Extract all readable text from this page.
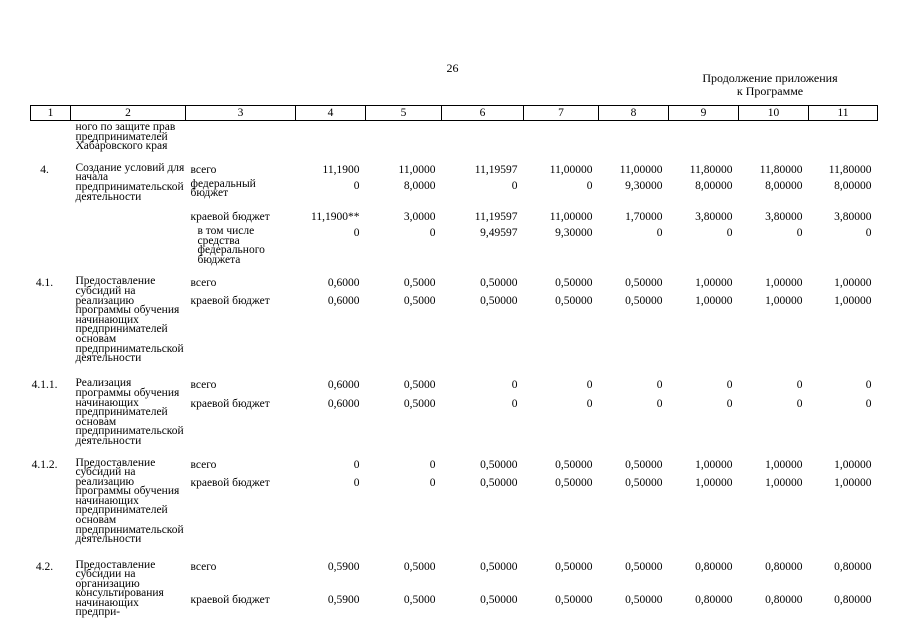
26
Продолжение приложения
к Программе
1	2	3	4	5	6	7	8	9	10	11

	ного по защите прав предпринимателей Хабаровского края									

4.	Создание условий для начала предпринимательской деятельности	всего	11,1900	11,0000	11,19597	11,00000	11,00000	11,80000	11,80000	11,80000

		федеральный бюджет	0	8,0000	0	0	9,30000	8,00000	8,00000	8,00000
		краевой бюджет	11,1900**	3,0000	11,19597	11,00000	1,70000	3,80000	3,80000	3,80000

		в том числе средства федерального бюджета	0	0	9,49597	9,30000	0	0	0	0
4.1.	Предоставление субсидий на реализацию программы обучения начинающих предпринимателей основам предпринимательской деятельности	всего	0,6000	0,5000	0,50000	0,50000	0,50000	1,00000	1,00000	1,00000
		краевой бюджет	0,6000	0,5000	0,50000	0,50000	0,50000	1,00000	1,00000	1,00000
4.1.1.	Реализация программы обучения начинающих предпринимателей основам предпринимательской деятельности	всего	0,6000	0,5000	0	0	0	0	0	0
		краевой бюджет	0,6000	0,5000	0	0	0	0	0	0
4.1.2.	Предоставление субсидий на реализацию программы обучения начинающих предпринимателей основам предпринимательской деятельности	всего	0	0	0,50000	0,50000	0,50000	1,00000	1,00000	1,00000
		краевой бюджет	0	0	0,50000	0,50000	0,50000	1,00000	1,00000	1,00000
4.2.	Предоставление субсидии на организацию консультирования начинающих предпри-	всего	0,5900	0,5000	0,50000	0,50000	0,50000	0,80000	0,80000	0,80000
		краевой бюджет	0,5900	0,5000	0,50000	0,50000	0,50000	0,80000	0,80000	0,80000
